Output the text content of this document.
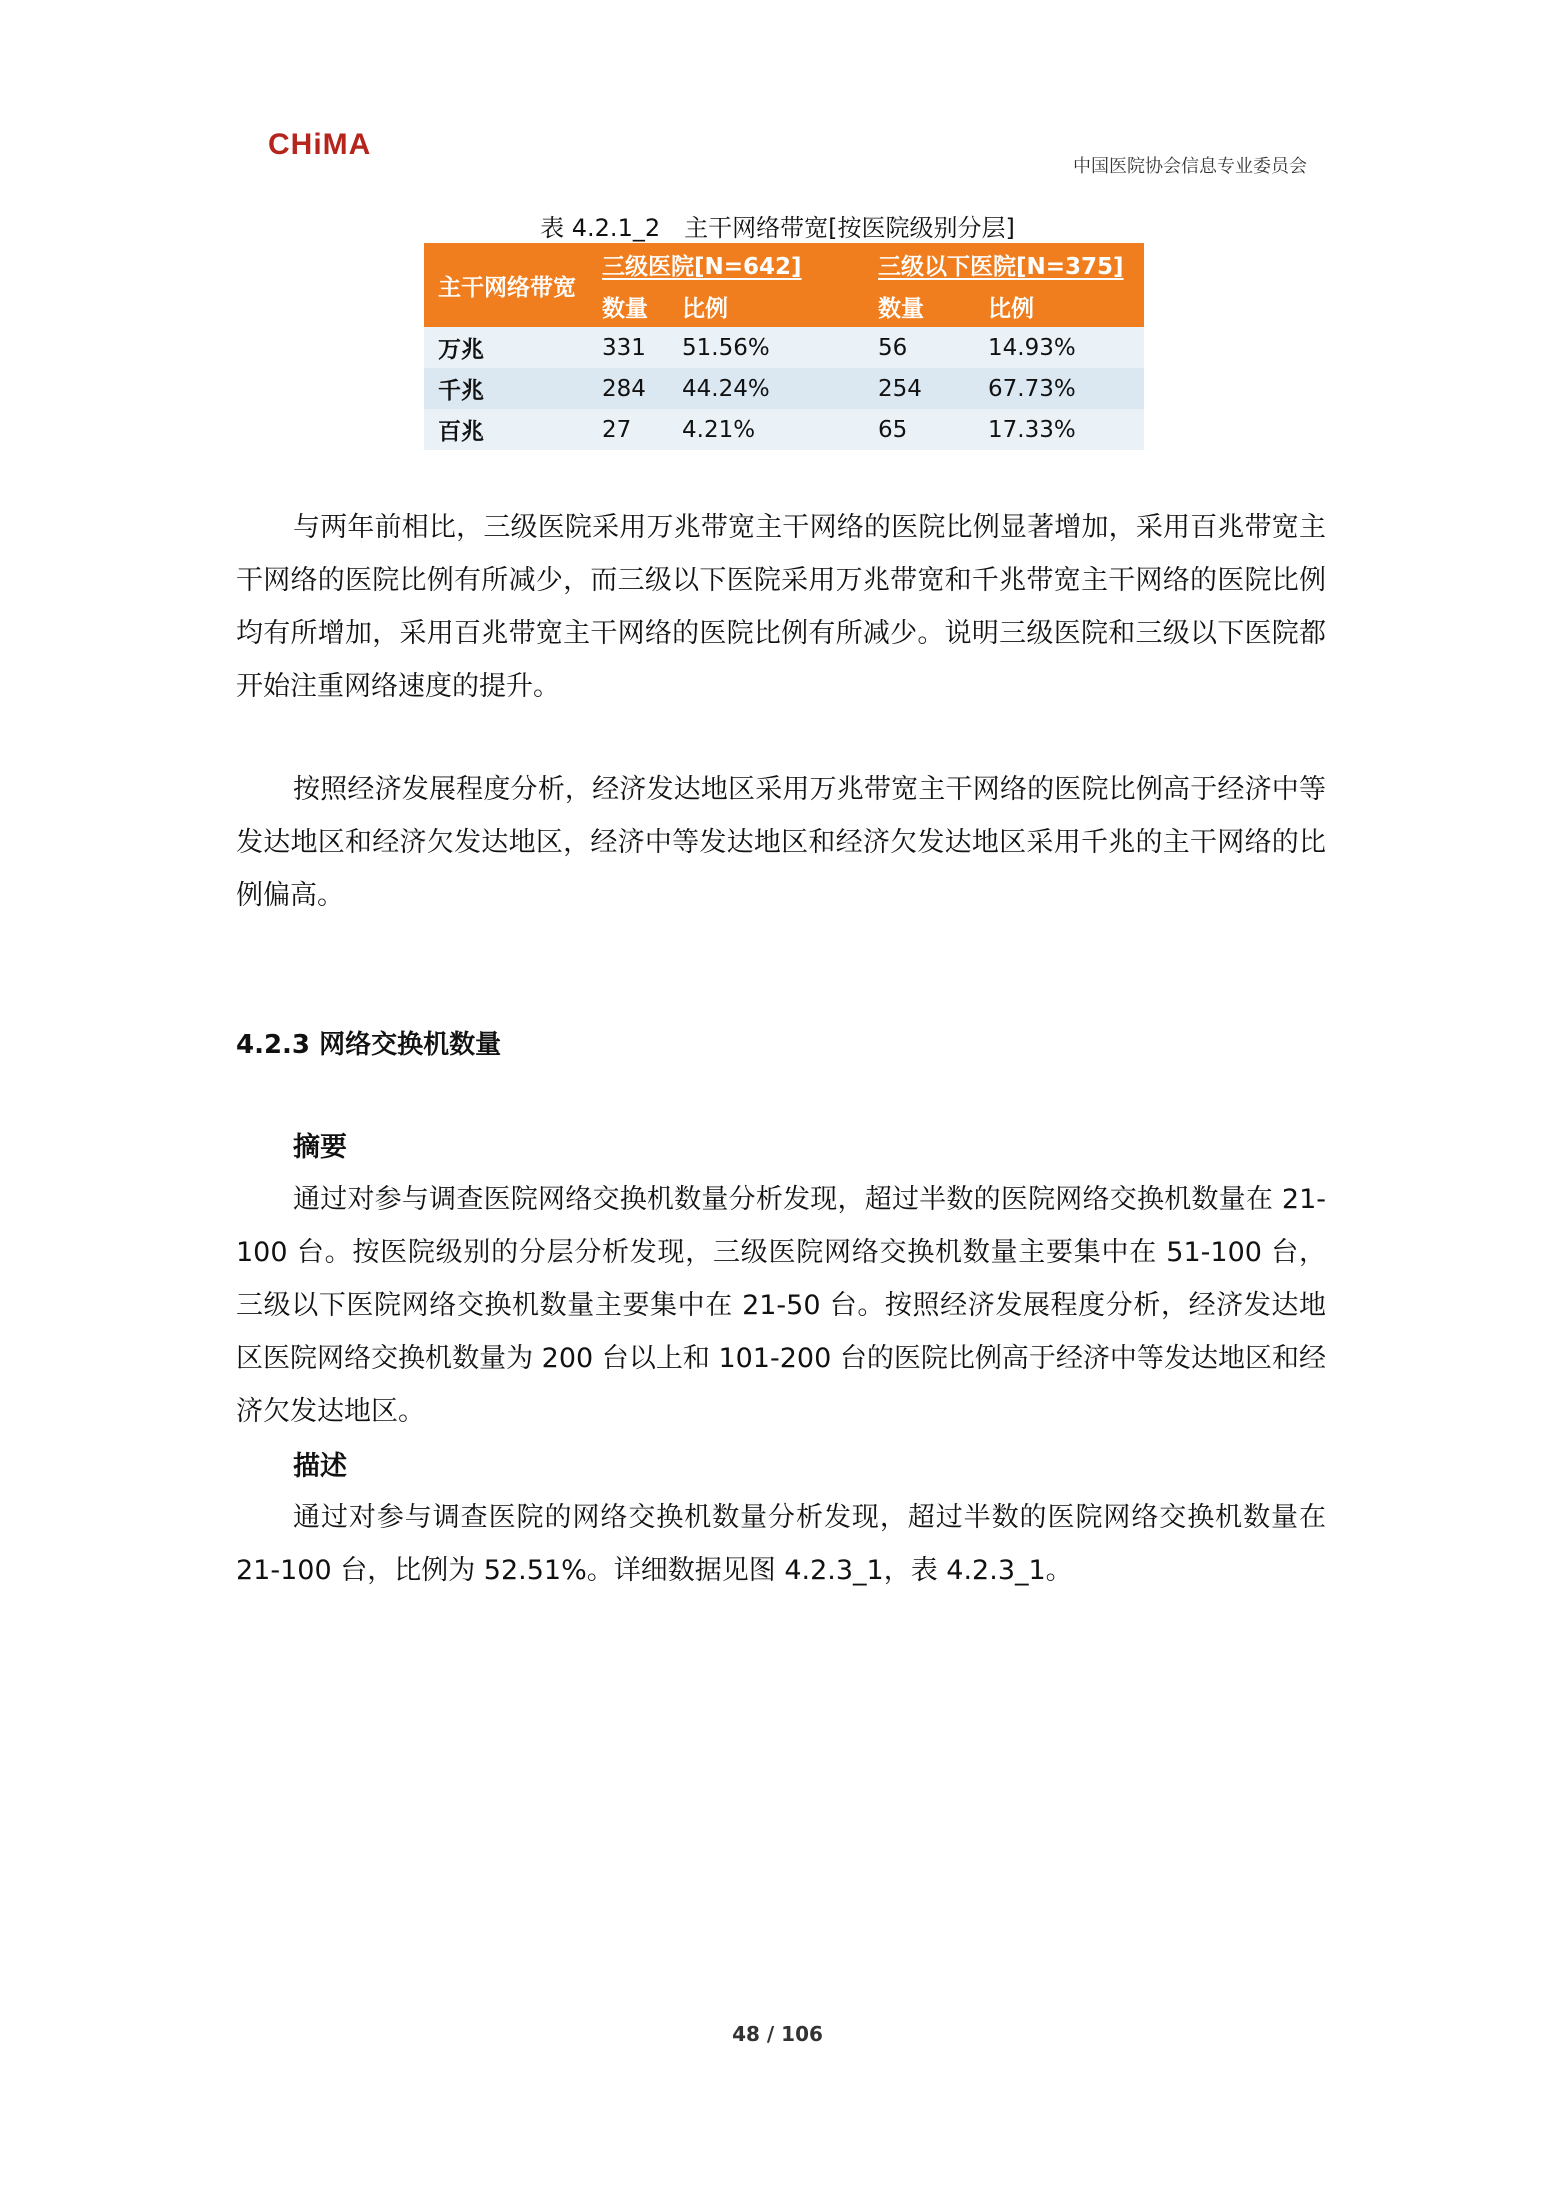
CHiMA
中国医院协会信息专业委员会
表 4.2.1_2　主干网络带宽[按医院级别分层]
主干网络带宽	三级医院[N=642]		三级以下医院[N=375]	
	数量	比例	数量	比例
万兆	331	51.56%	56	14.93%
千兆	284	44.24%	254	67.73%
百兆	27	4.21%	65	17.33%

与两年前相比，三级医院采用万兆带宽主干网络的医院比例显著增加，采用百兆带宽主干网络的医院比例有所减少，而三级以下医院采用万兆带宽和千兆带宽主干网络的医院比例均有所增加，采用百兆带宽主干网络的医院比例有所减少。说明三级医院和三级以下医院都开始注重网络速度的提升。

按照经济发展程度分析，经济发达地区采用万兆带宽主干网络的医院比例高于经济中等发达地区和经济欠发达地区，经济中等发达地区和经济欠发达地区采用千兆的主干网络的比例偏高。

4.2.3 网络交换机数量
摘要

通过对参与调查医院网络交换机数量分析发现，超过半数的医院网络交换机数量在 21-100 台。按医院级别的分层分析发现，三级医院网络交换机数量主要集中在 51-100 台，三级以下医院网络交换机数量主要集中在 21-50 台。按照经济发展程度分析，经济发达地区医院网络交换机数量为 200 台以上和 101-200 台的医院比例高于经济中等发达地区和经济欠发达地区。

描述

通过对参与调查医院的网络交换机数量分析发现，超过半数的医院网络交换机数量在 21-100 台，比例为 52.51%。详细数据见图 4.2.3_1，表 4.2.3_1。

48 / 106
